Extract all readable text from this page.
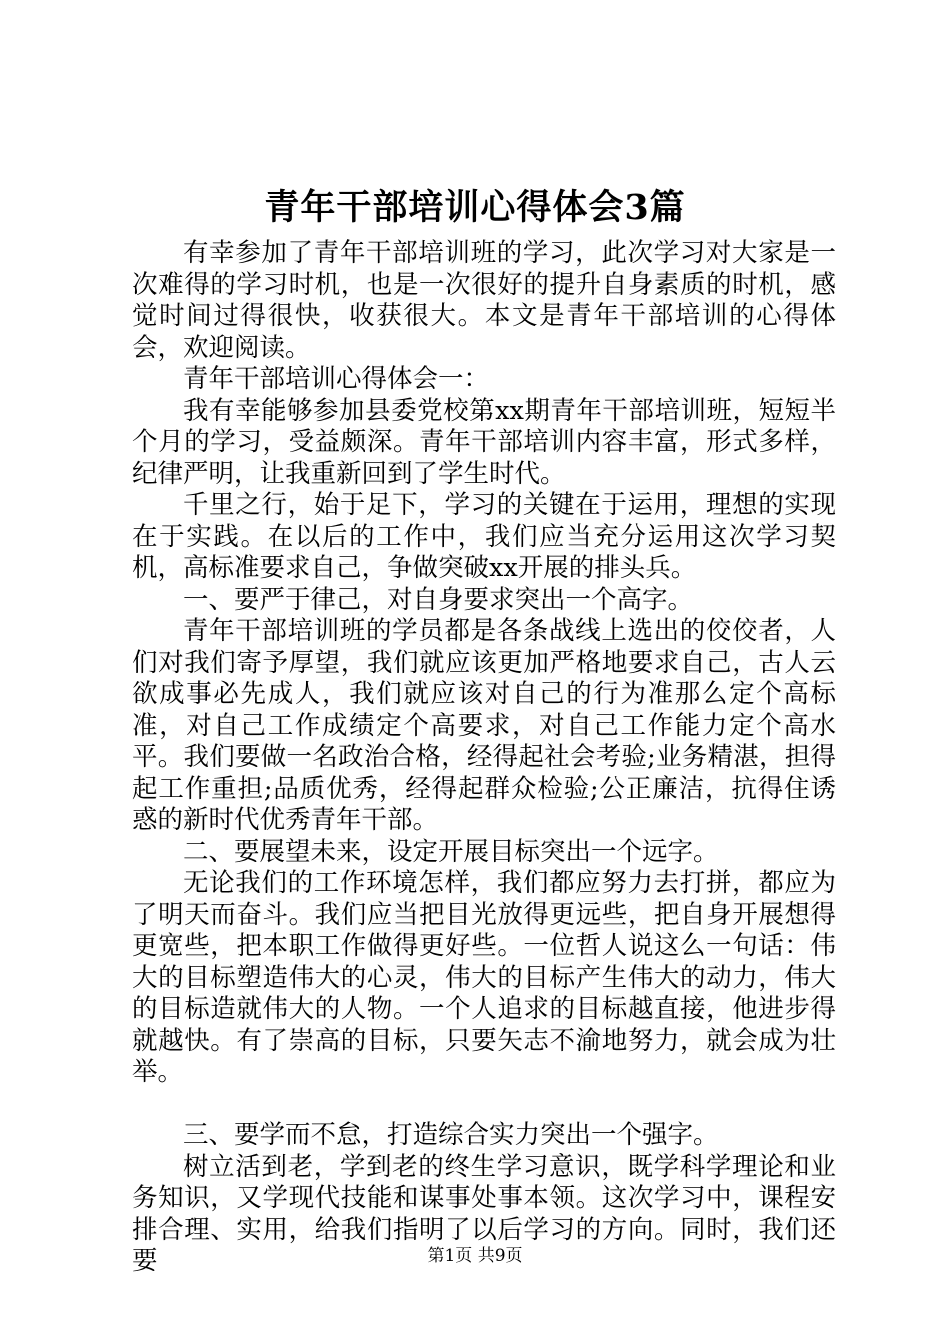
青年干部培训心得体会3篇

有幸参加了青年干部培训班的学习，此次学习对大家是一次难得的学习时机，也是一次很好的提升自身素质的时机，感觉时间过得很快，收获很大。本文是青年干部培训的心得体会，欢迎阅读。

青年干部培训心得体会一：

我有幸能够参加县委党校第xx期青年干部培训班，短短半个月的学习，受益颇深。青年干部培训内容丰富，形式多样，纪律严明，让我重新回到了学生时代。

千里之行，始于足下，学习的关键在于运用，理想的实现在于实践。在以后的工作中，我们应当充分运用这次学习契机，高标准要求自己，争做突破xx开展的排头兵。

一、要严于律己，对自身要求突出一个高字。

青年干部培训班的学员都是各条战线上选出的佼佼者，人们对我们寄予厚望，我们就应该更加严格地要求自己，古人云欲成事必先成人，我们就应该对自己的行为准那么定个高标准，对自己工作成绩定个高要求，对自己工作能力定个高水平。我们要做一名政治合格，经得起社会考验;业务精湛，担得起工作重担;品质优秀，经得起群众检验;公正廉洁，抗得住诱惑的新时代优秀青年干部。

二、要展望未来，设定开展目标突出一个远字。

无论我们的工作环境怎样，我们都应努力去打拼，都应为了明天而奋斗。我们应当把目光放得更远些，把自身开展想得更宽些，把本职工作做得更好些。一位哲人说这么一句话：伟大的目标塑造伟大的心灵，伟大的目标产生伟大的动力，伟大的目标造就伟大的人物。一个人追求的目标越直接，他进步得就越快。有了崇高的目标，只要矢志不渝地努力，就会成为壮举。

三、要学而不怠，打造综合实力突出一个强字。

树立活到老，学到老的终生学习意识，既学科学理论和业务知识，又学现代技能和谋事处事本领。这次学习中，课程安排合理、实用，给我们指明了以后学习的方向。同时，我们还要	第1页 共9页
